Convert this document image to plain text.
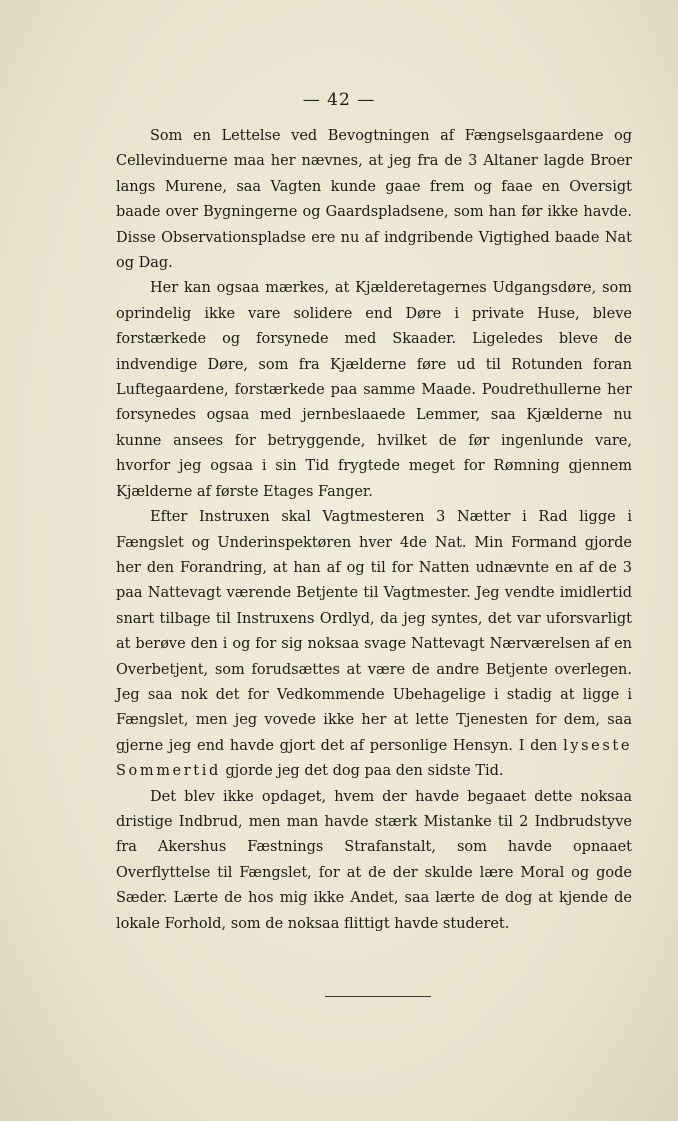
— 42 —

Som en Lettelse ved Bevogtningen af Fængselsgaardene og Cellevinduerne maa her nævnes, at jeg fra de 3 Altaner lagde Broer langs Murene, saa Vagten kunde gaae frem og faae en Oversigt baade over Bygningerne og Gaardspladsene, som han før ikke havde. Disse Observationspladse ere nu af indgribende Vigtighed baade Nat og Dag.

Her kan ogsaa mærkes, at Kjælderetagernes Udgangsdøre, som oprindelig ikke vare solidere end Døre i private Huse, bleve forstærkede og forsynede med Skaader. Ligeledes bleve de indvendige Døre, som fra Kjælderne føre ud til Rotunden foran Luftegaardene, forstærkede paa samme Maade. Poudrethullerne her forsynedes ogsaa med jernbeslaaede Lemmer, saa Kjælderne nu kunne ansees for betryggende, hvilket de før ingenlunde vare, hvorfor jeg ogsaa i sin Tid frygtede meget for Rømning gjennem Kjælderne af første Etages Fanger.

Efter Instruxen skal Vagtmesteren 3 Nætter i Rad ligge i Fængslet og Underinspektøren hver 4de Nat. Min Formand gjorde her den Forandring, at han af og til for Natten udnævnte en af de 3 paa Nattevagt værende Betjente til Vagtmester. Jeg vendte imidlertid snart tilbage til Instruxens Ordlyd, da jeg syntes, det var uforsvarligt at berøve den i og for sig noksaa svage Nattevagt Nærværelsen af en Overbetjent, som forudsættes at være de andre Betjente overlegen. Jeg saa nok det for Vedkommende Ubehagelige i stadig at ligge i Fængslet, men jeg vovede ikke her at lette Tjenesten for dem, saa gjerne jeg end havde gjort det af personlige Hensyn. I den lyseste Sommertid gjorde jeg det dog paa den sidste Tid.

Det blev ikke opdaget, hvem der havde begaaet dette noksaa dristige Indbrud, men man havde stærk Mistanke til 2 Indbrudstyve fra Akershus Fæstnings Strafanstalt, som havde opnaaet Overflyttelse til Fængslet, for at de der skulde lære Moral og gode Sæder. Lærte de hos mig ikke Andet, saa lærte de dog at kjende de lokale Forhold, som de noksaa flittigt havde studeret.
